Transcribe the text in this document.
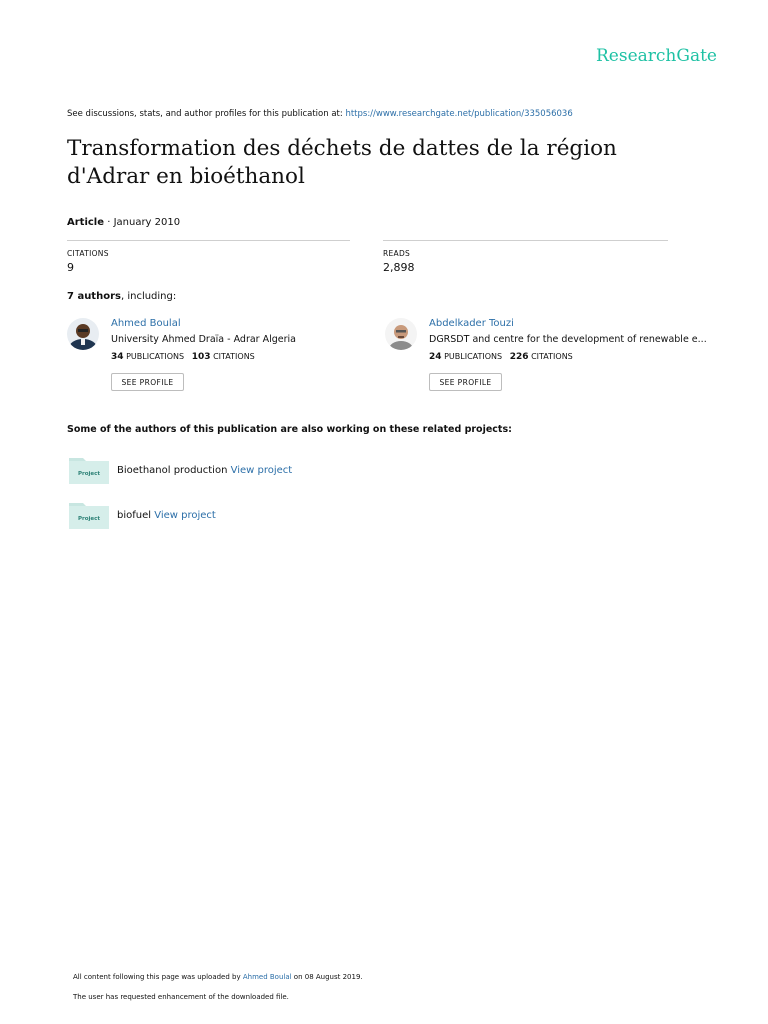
ResearchGate
See discussions, stats, and author profiles for this publication at: https://www.researchgate.net/publication/335056036
Transformation des déchets de dattes de la région d'Adrar en bioéthanol
Article · January 2010
CITATIONS
9
READS
2,898
7 authors, including:
Ahmed Boulal
University Ahmed Draïa - Adrar Algeria
34 PUBLICATIONS 103 CITATIONS
SEE PROFILE
Abdelkader Touzi
DGRSDT and centre for the development of renewable e...
24 PUBLICATIONS 226 CITATIONS
SEE PROFILE
Some of the authors of this publication are also working on these related projects:
Project Bioethanol production View project
Project biofuel View project
All content following this page was uploaded by Ahmed Boulal on 08 August 2019.
The user has requested enhancement of the downloaded file.
